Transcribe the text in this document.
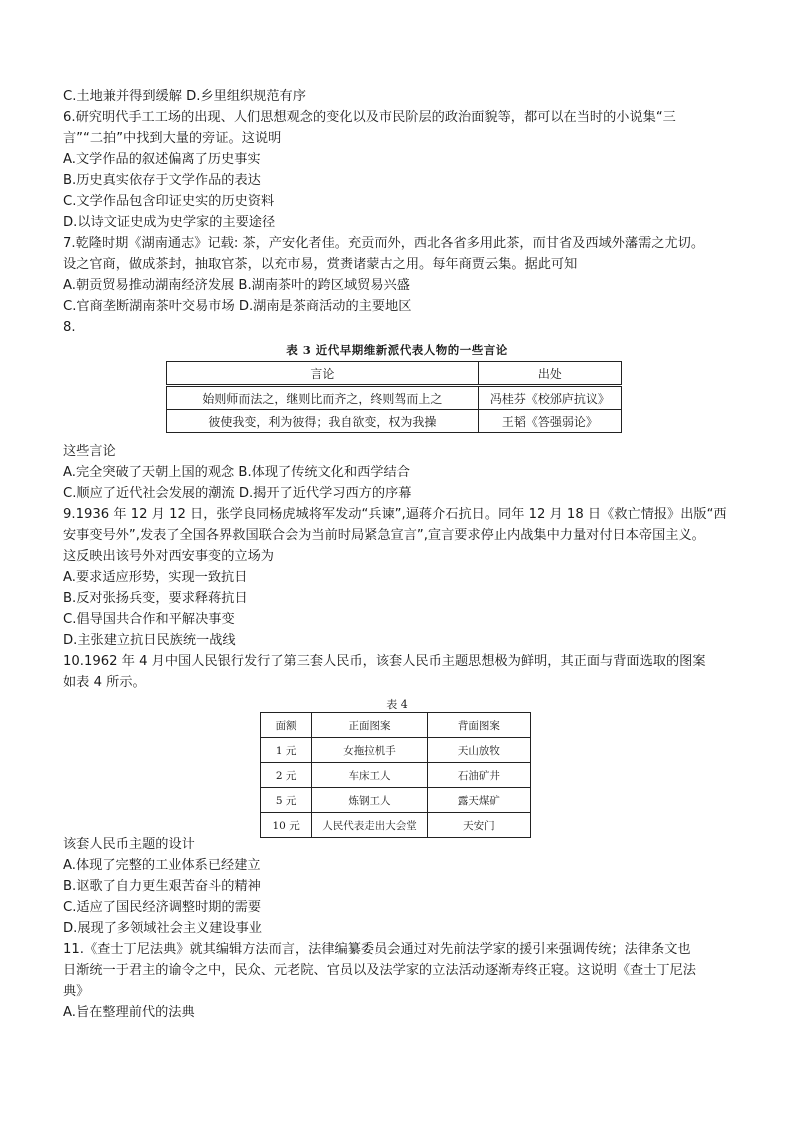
C.土地兼并得到缓解 D.乡里组织规范有序
6.研究明代手工工场的出现、人们思想观念的变化以及市民阶层的政治面貌等，都可以在当时的小说集“三
言”“二拍”中找到大量的旁证。这说明
A.文学作品的叙述偏离了历史事实
B.历史真实依存于文学作品的表达
C.文学作品包含印证史实的历史资料
D.以诗文证史成为史学家的主要途径
7.乾隆时期《湖南通志》记载: 茶，产安化者佳。充贡而外，西北各省多用此茶，而甘省及西域外藩需之尤切。
设之官商，做成茶封，抽取官茶，以充市易，赏赉诸蒙古之用。每年商贾云集。据此可知
A.朝贡贸易推动湖南经济发展 B.湖南茶叶的跨区域贸易兴盛
C.官商垄断湖南茶叶交易市场 D.湖南是茶商活动的主要地区
8.
表 3 近代早期维新派代表人物的一些言论
言论	出处
始则师而法之，继则比而齐之，终则驾而上之	冯桂芬《校邠庐抗议》
彼使我变，利为彼得；我自欲变，权为我操	王韬《答强弱论》
这些言论
A.完全突破了天朝上国的观念 B.体现了传统文化和西学结合
C.顺应了近代社会发展的潮流 D.揭开了近代学习西方的序幕
9.1936 年 12 月 12 日，张学良同杨虎城将军发动“兵谏”,逼蒋介石抗日。同年 12 月 18 日《救亡情报》出版“西
安事变号外”,发表了全国各界救国联合会为当前时局紧急宣言”,宣言要求停止内战集中力量对付日本帝国主义。
这反映出该号外对西安事变的立场为
A.要求适应形势，实现一致抗日
B.反对张扬兵变，要求释蒋抗日
C.倡导国共合作和平解决事变
D.主张建立抗日民族统一战线
10.1962 年 4 月中国人民银行发行了第三套人民币，该套人民币主题思想极为鲜明，其正面与背面选取的图案
如表 4 所示。
表 4
面额	正面图案	背面图案
1 元	女拖拉机手	天山放牧
2 元	车床工人	石油矿井
5 元	炼钢工人	露天煤矿
10 元	人民代表走出大会堂	天安门
该套人民币主题的设计
A.体现了完整的工业体系已经建立
B.讴歌了自力更生艰苦奋斗的精神
C.适应了国民经济调整时期的需要
D.展现了多领域社会主义建设事业
11.《查士丁尼法典》就其编辑方法而言，法律编纂委员会通过对先前法学家的援引来强调传统；法律条文也
日渐统一于君主的谕令之中，民众、元老院、官员以及法学家的立法活动逐渐寿终正寝。这说明《查士丁尼法
典》
A.旨在整理前代的法典
